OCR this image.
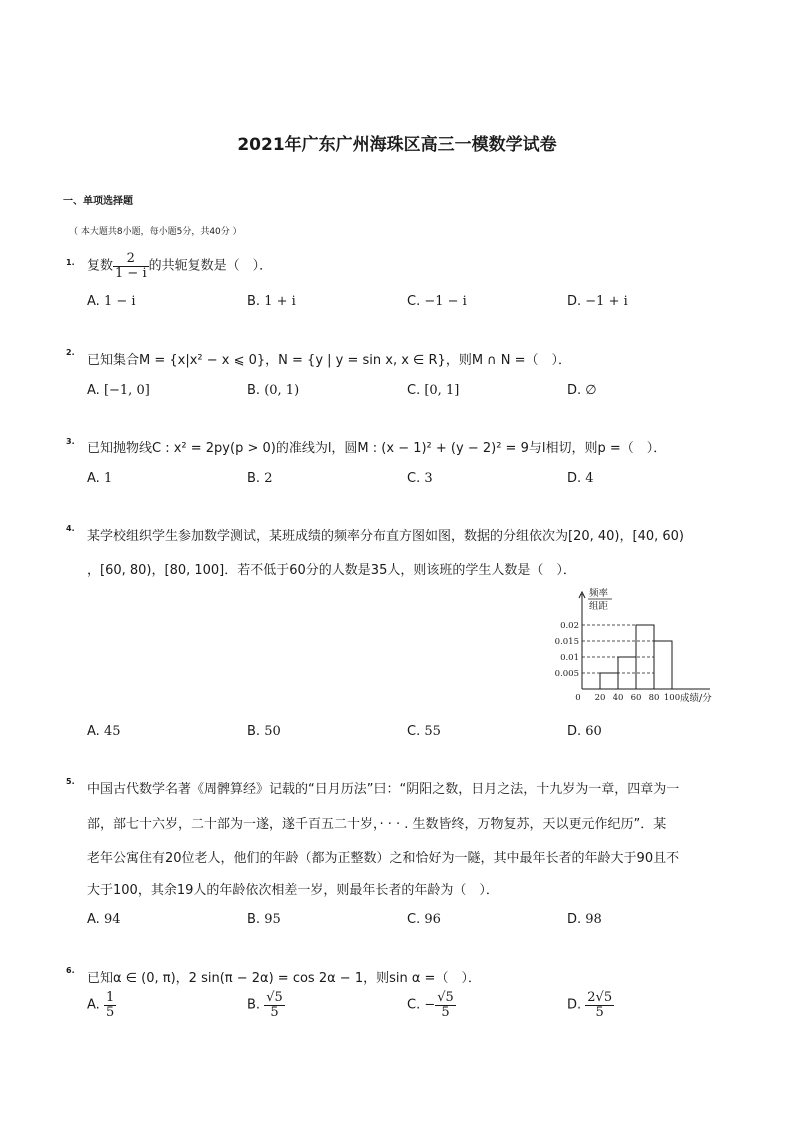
2021年广东广州海珠区高三一模数学试卷
一、单项选择题
（ 本大题共8小题，每小题5分，共40分 ）
1. 复数 $\frac{2}{1 - i}$ 的共轭复数是（　）．
A. 1 − i	B. 1 + i	C. −1 − i	D. −1 + i
2.
已知集合M = {x|x² − x ⩽ 0}，N = {y | y = sin x, x ∈ R}，则M ∩ N =（　）．
A. [−1, 0]	B. (0, 1)	C. [0, 1]	D. ∅
3. 已知抛物线C : x² = 2py(p > 0)的准线为l，圆M : (x − 1)² + (y − 2)² = 9与l相切，则p =（　）．
A. 1	B. 2	C. 3	D. 4
4.
某学校组织学生参加数学测试，某班成绩的频率分布直方图如图，数据的分组依次为[20, 40)，[40, 60)
，[60, 80)，[80, 100]．若不低于60分的人数是35人，则该班的学生人数是（　）．
频率
组距
0.005
0.01
0.015
0.02
0 20 40 60 80 100 成绩/分
A. 45	B. 50	C. 55	D. 60
5.
中国古代数学名著《周髀算经》记载的“日月历法”曰：“阴阳之数，日月之法，十九岁为一章，四章为一
部，部七十六岁，二十部为一遂，遂千百五二十岁，· · · . 生数皆终，万物复苏，天以更元作纪历”．某
老年公寓住有20位老人，他们的年龄（都为正整数）之和恰好为一隧，其中最年长者的年龄大于90且不
大于100，其余19人的年龄依次相差一岁，则最年长者的年龄为（　）．
A. 94	B. 95	C. 96	D. 98
6.
已知α ∈ (0, π)，2 sin(π − 2α) = cos 2α − 1，则sin α =（　）．
A. $\frac{1}{5}$	B. $\frac{√5}{5}$	C. − $\frac{√5}{5}$	D. $\frac{2√5}{5}$
